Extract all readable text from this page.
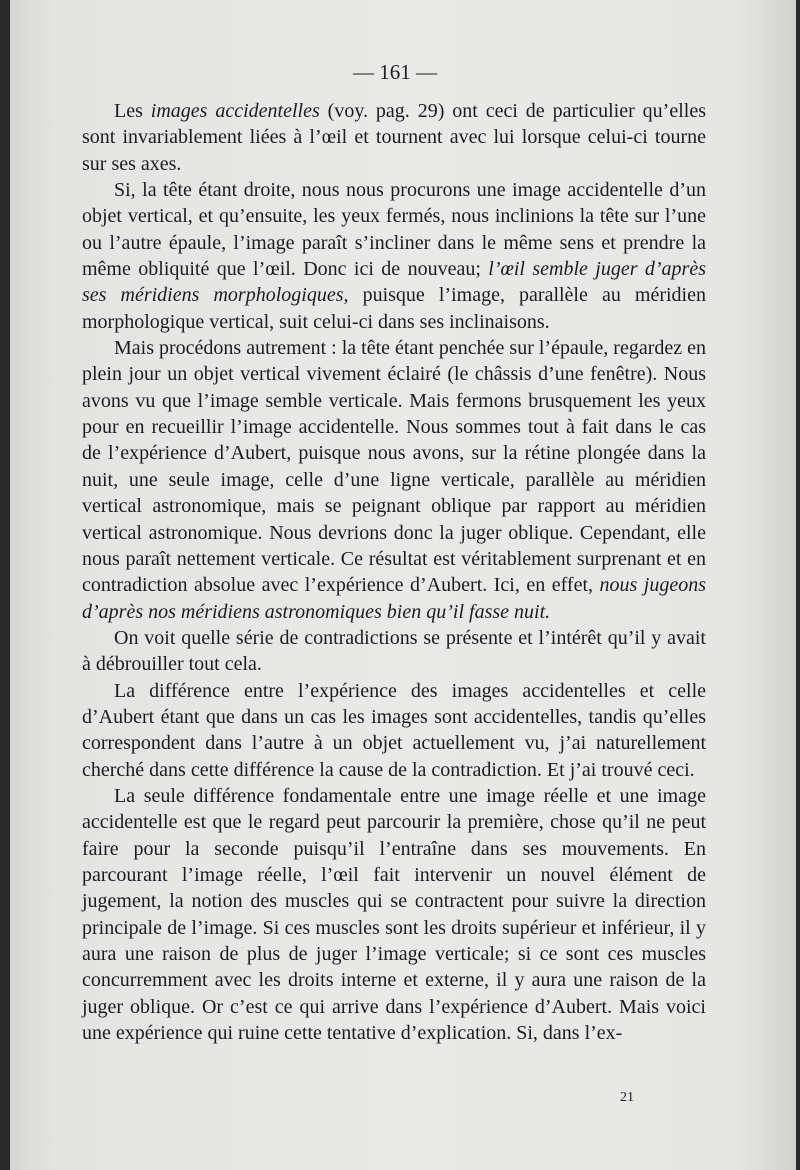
— 161 —

Les images accidentelles (voy. pag. 29) ont ceci de particulier qu’elles sont invariablement liées à l’œil et tournent avec lui lorsque celui-ci tourne sur ses axes.

Si, la tête étant droite, nous nous procurons une image accidentelle d’un objet vertical, et qu’ensuite, les yeux fermés, nous inclinions la tête sur l’une ou l’autre épaule, l’image paraît s’incliner dans le même sens et prendre la même obliquité que l’œil. Donc ici de nouveau; l’œil semble juger d’après ses méridiens morphologiques, puisque l’image, parallèle au méridien morphologique vertical, suit celui-ci dans ses inclinaisons.

Mais procédons autrement : la tête étant penchée sur l’épaule, regardez en plein jour un objet vertical vivement éclairé (le châssis d’une fenêtre). Nous avons vu que l’image semble verticale. Mais fermons brusquement les yeux pour en recueillir l’image accidentelle. Nous sommes tout à fait dans le cas de l’expérience d’Aubert, puisque nous avons, sur la rétine plongée dans la nuit, une seule image, celle d’une ligne verticale, parallèle au méridien vertical astronomique, mais se peignant oblique par rapport au méridien vertical astronomique. Nous devrions donc la juger oblique. Cependant, elle nous paraît nettement verticale. Ce résultat est véritablement surprenant et en contradiction absolue avec l’expérience d’Aubert. Ici, en effet, nous jugeons d’après nos méridiens astronomiques bien qu’il fasse nuit.

On voit quelle série de contradictions se présente et l’intérêt qu’il y avait à débrouiller tout cela.

La différence entre l’expérience des images accidentelles et celle d’Aubert étant que dans un cas les images sont accidentelles, tandis qu’elles correspondent dans l’autre à un objet actuellement vu, j’ai naturellement cherché dans cette différence la cause de la contradiction. Et j’ai trouvé ceci.

La seule différence fondamentale entre une image réelle et une image accidentelle est que le regard peut parcourir la première, chose qu’il ne peut faire pour la seconde puisqu’il l’entraîne dans ses mouvements. En parcourant l’image réelle, l’œil fait intervenir un nouvel élément de jugement, la notion des muscles qui se contractent pour suivre la direction principale de l’image. Si ces muscles sont les droits supérieur et inférieur, il y aura une raison de plus de juger l’image verticale; si ce sont ces muscles concurremment avec les droits interne et externe, il y aura une raison de la juger oblique. Or c’est ce qui arrive dans l’expérience d’Aubert. Mais voici une expérience qui ruine cette tentative d’explication. Si, dans l’ex-

21
